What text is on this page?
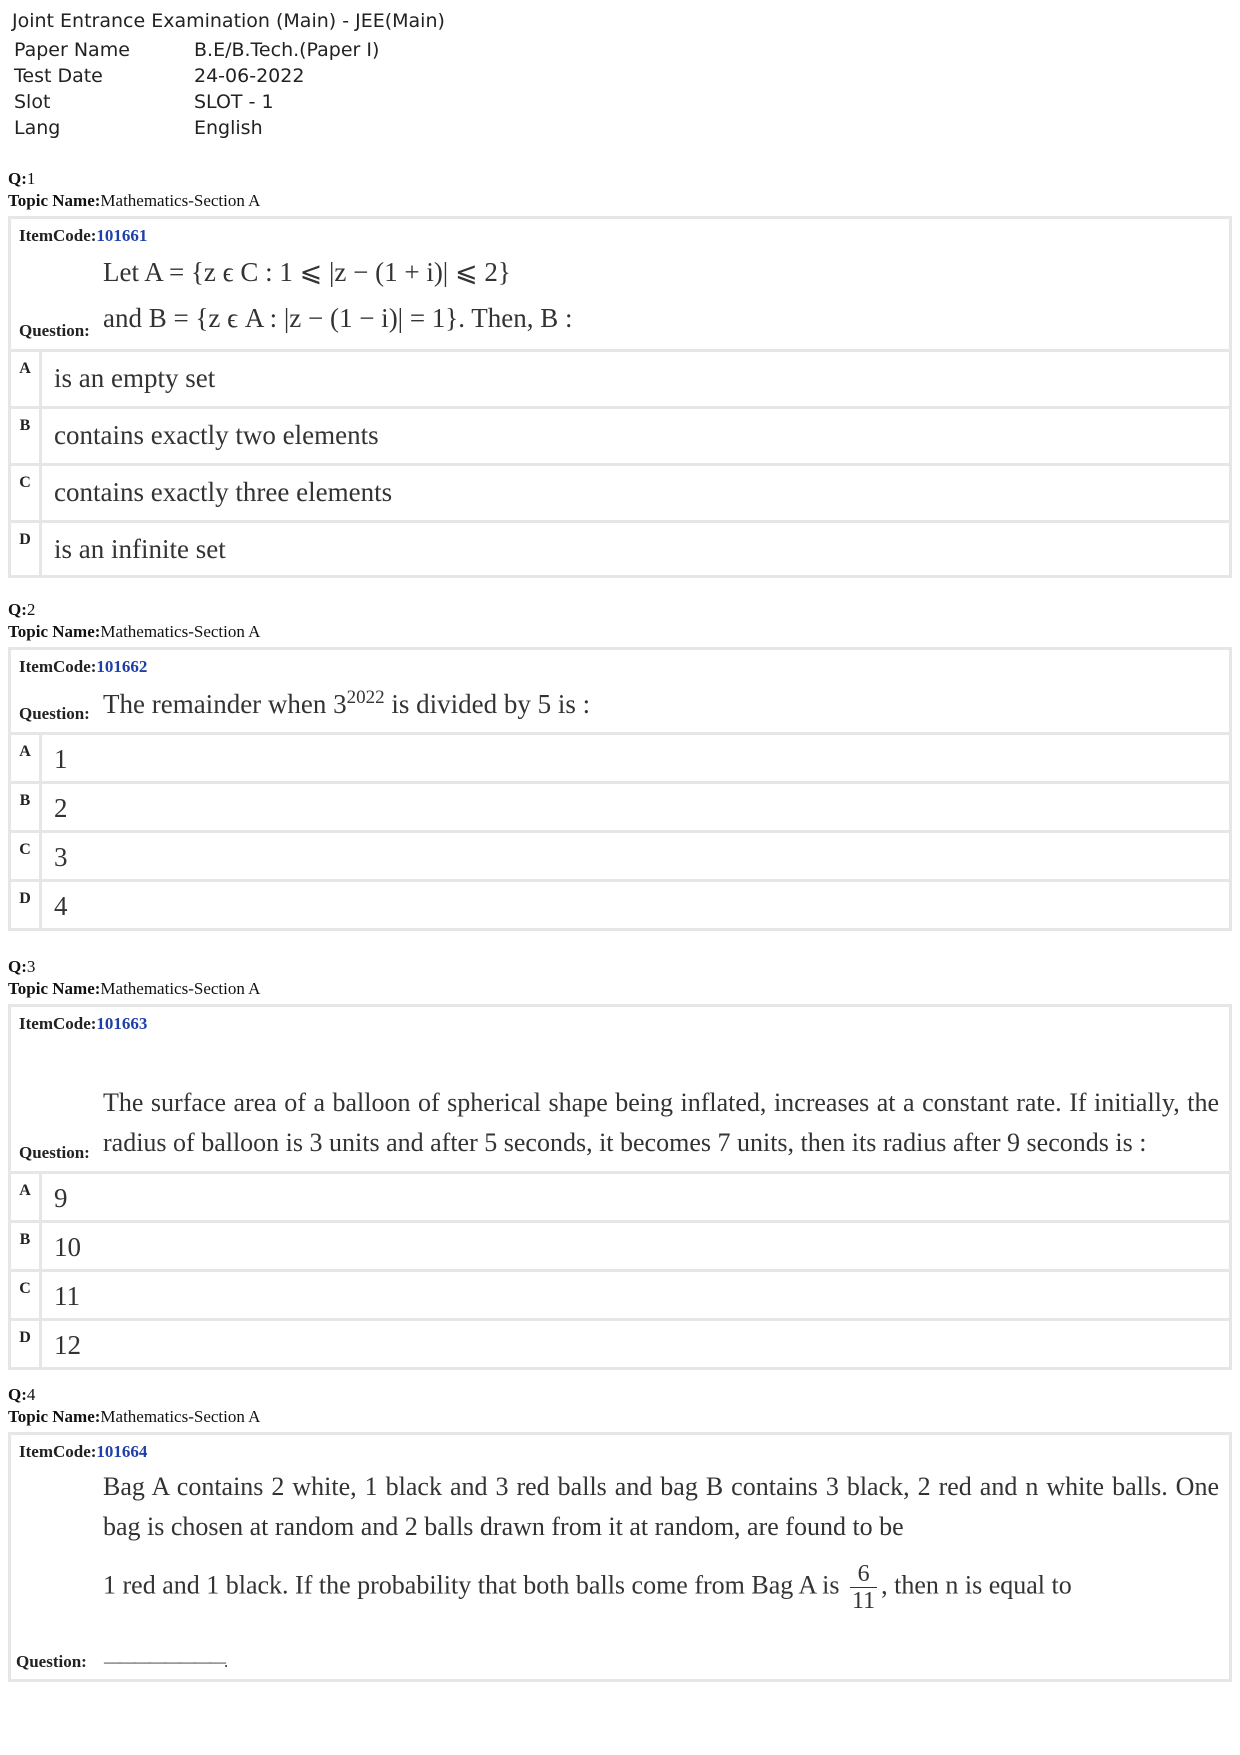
Joint Entrance Examination (Main) - JEE(Main)
Paper Name	B.E/B.Tech.(Paper I)
Test Date	24-06-2022
Slot	SLOT - 1
Lang	English
Q:1
Topic Name:Mathematics-Section A
ItemCode:101661
Question:
Let A = {z ϵ C : 1 ⩽ |z − (1 + i)| ⩽ 2}
and B = {z ϵ A : |z − (1 − i)| = 1}. Then, B :
A is an empty set
B contains exactly two elements
C contains exactly three elements
D is an infinite set
Q:2
Topic Name:Mathematics-Section A
ItemCode:101662
Question: The remainder when $3^{2022}$ is divided by 5 is :
A 1
B 2
C 3
D 4
Q:3
Topic Name:Mathematics-Section A
ItemCode:101663
Question:
The surface area of a balloon of spherical shape being inflated, increases at a constant rate. If initially, the radius of balloon is 3 units and after 5 seconds, it becomes 7 units, then its radius after 9 seconds is :
A 9
B 10
C 11
D 12
Q:4
Topic Name:Mathematics-Section A
ItemCode:101664
Bag A contains 2 white, 1 black and 3 red balls and bag B contains 3 black, 2 red and n white balls. One bag is chosen at random and 2 balls drawn from it at random, are found to be
1 red and 1 black. If the probability that both balls come from Bag A is $\frac{6}{11}$ , then n is equal to
Question:	————————.
